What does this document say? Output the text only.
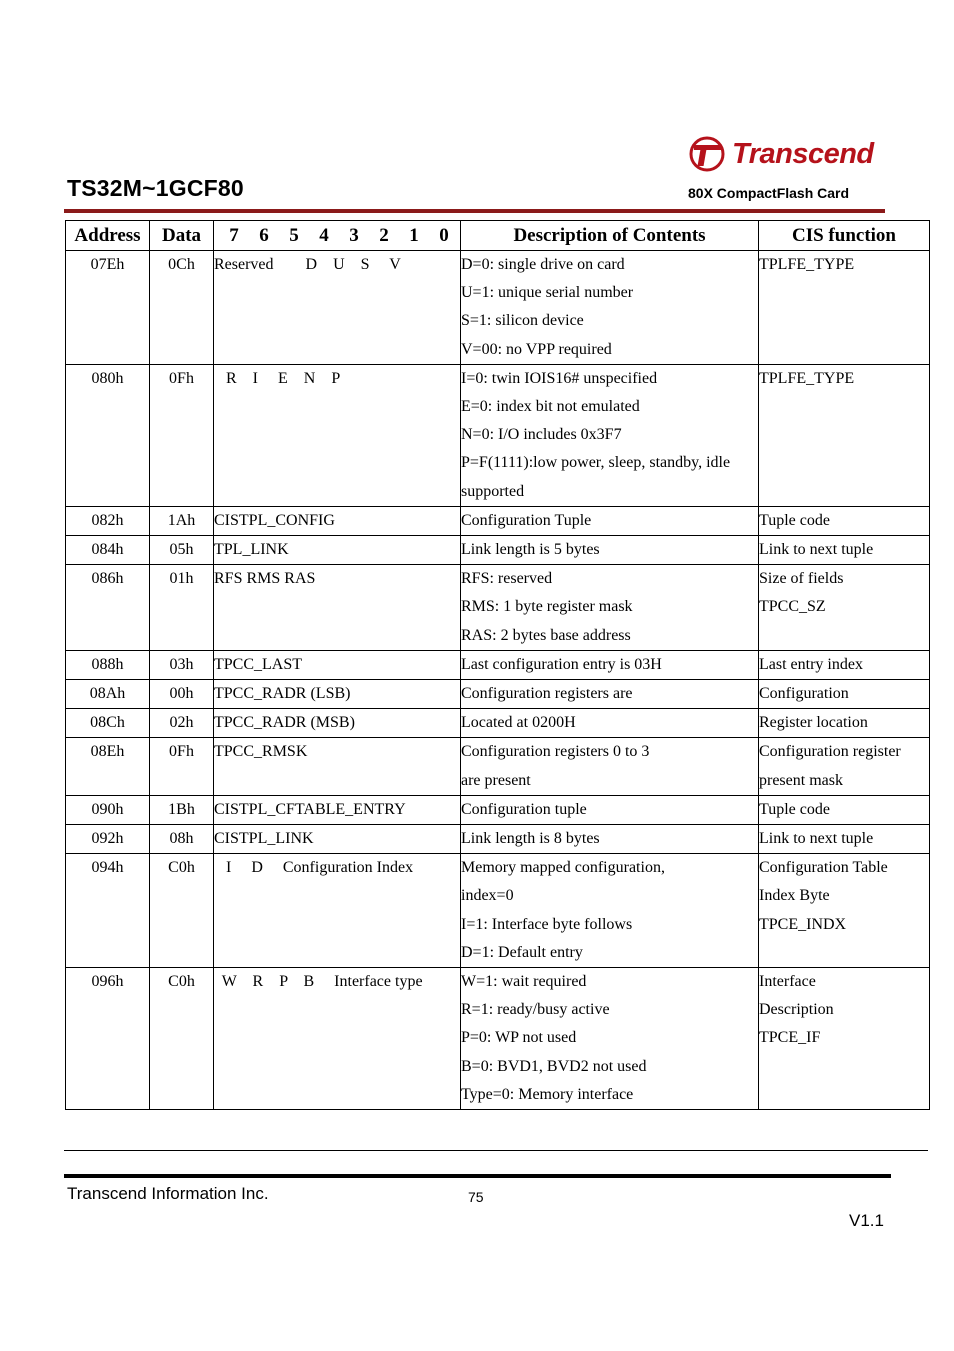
Transcend
TS32M~1GCF80	80X CompactFlash Card
Address	Data	7 6 5 4 3 2 1 0	Description of Contents	CIS function
07Eh	0Ch	Reserved        D    U    S     V	D=0: single drive on card
U=1: unique serial number
S=1: silicon device
V=00: no VPP required	TPLFE_TYPE

080h	0Fh	R    I     E    N    P	I=0: twin IOIS16# unspecified
E=0: index bit not emulated
N=0: I/O includes 0x3F7
P=F(1111):low power, sleep, standby, idle
supported	TPLFE_TYPE

082h	1Ah	CISTPL_CONFIG	Configuration Tuple	Tuple code

084h	05h	TPL_LINK	Link length is 5 bytes	Link to next tuple

086h	01h	RFS RMS RAS	RFS: reserved
RMS: 1 byte register mask
RAS: 2 bytes base address	Size of fields
TPCC_SZ

088h	03h	TPCC_LAST	Last configuration entry is 03H	Last entry index

08Ah	00h	TPCC_RADR (LSB)	Configuration registers are	Configuration

08Ch	02h	TPCC_RADR (MSB)	Located at 0200H	Register location

08Eh	0Fh	TPCC_RMSK	Configuration registers 0 to 3
are present	Configuration register
present mask

090h	1Bh	CISTPL_CFTABLE_ENTRY	Configuration tuple	Tuple code

092h	08h	CISTPL_LINK	Link length is 8 bytes	Link to next tuple

094h	C0h	I     D     Configuration Index	Memory mapped configuration,
index=0
I=1: Interface byte follows
D=1: Default entry	Configuration Table
Index Byte
TPCE_INDX

096h	C0h	W    R    P    B     Interface type	W=1: wait required
R=1: ready/busy active
P=0: WP not used
B=0: BVD1, BVD2 not used
Type=0: Memory interface	Interface
Description
TPCE_IF
Transcend Information Inc.	75
V1.1
